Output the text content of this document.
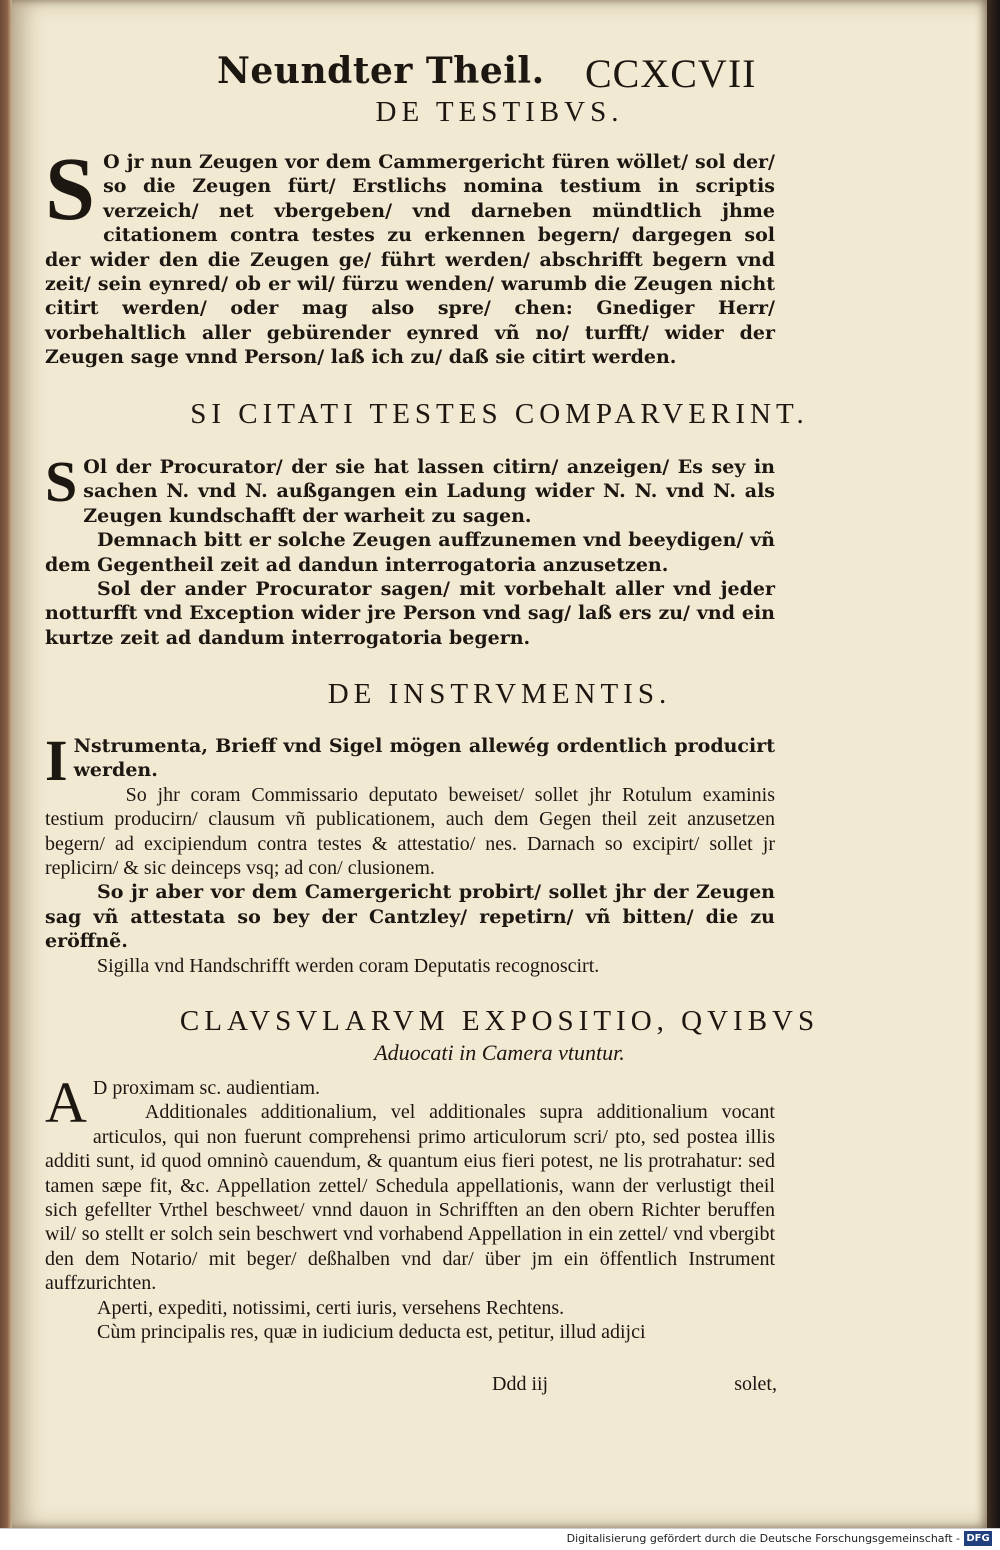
Neundter Theil. CCXCVII
DE TESTIBVS.

S O jr nun Zeugen vor dem Cammergericht füren wöllet/ sol der/ so die Zeugen fürt/ Erstlichs nomina testium in scriptis verzeich/ net vbergeben/ vnd darneben mündtlich jhme citationem contra testes zu erkennen begern/ dargegen sol der wider den die Zeugen ge/ führt werden/ abschrifft begern vnd zeit/ sein eynred/ ob er wil/ fürzu wenden/ warumb die Zeugen nicht citirt werden/ oder mag also spre/ chen: Gnediger Herr/ vorbehaltlich aller gebürender eynred vñ no/ turfft/ wider der Zeugen sage vnnd Person/ laß ich zu/ daß sie citirt werden.

SI CITATI TESTES COMPARVERINT.

S Ol der Procurator/ der sie hat lassen citirn/ anzeigen/ Es sey in sachen N. vnd N. außgangen ein Ladung wider N. N. vnd N. als Zeugen kundschafft der warheit zu sagen.

Demnach bitt er solche Zeugen auffzunemen vnd beeydigen/ vñ dem Gegentheil zeit ad dandun interrogatoria anzusetzen.

Sol der ander Procurator sagen/ mit vorbehalt aller vnd jeder notturfft vnd Exception wider jre Person vnd sag/ laß ers zu/ vnd ein kurtze zeit ad dandum interrogatoria begern.

DE INSTRVMENTIS.

I Nstrumenta, Brieff vnd Sigel mögen allewég ordentlich producirt werden.

So jhr coram Commissario deputato beweiset/ sollet jhr Rotulum examinis testium producirn/ clausum vñ publicationem, auch dem Gegen theil zeit anzusetzen begern/ ad excipiendum contra testes & attestatio/ nes. Darnach so excipirt/ sollet jr replicirn/ & sic deinceps vsq; ad con/ clusionem.

So jr aber vor dem Camergericht probirt/ sollet jhr der Zeugen sag vñ attestata so bey der Cantzley/ repetirn/ vñ bitten/ die zu eröffnẽ.

Sigilla vnd Handschrifft werden coram Deputatis recognoscirt.

CLAVSVLARVM EXPOSITIO, QVIBVS
Aduocati in Camera vtuntur.

A D proximam sc. audientiam.

Additionales additionalium, vel additionales supra additionalium vocant articulos, qui non fuerunt comprehensi primo articulorum scri/ pto, sed postea illis additi sunt, id quod omninò cauendum, & quantum eius fieri potest, ne lis protrahatur: sed tamen sæpe fit, &c. Appellation zettel/ Schedula appellationis, wann der verlustigt theil sich gefellter Vrthel beschweet/ vnnd dauon in Schrifften an den obern Richter beruffen wil/ so stellt er solch sein beschwert vnd vorhabend Appellation in ein zettel/ vnd vbergibt den dem Notario/ mit beger/ deßhalben vnd dar/ über jm ein öffentlich Instrument auffzurichten.

Aperti, expediti, notissimi, certi iuris, versehens Rechtens.

Cùm principalis res, quæ in iudicium deducta est, petitur, illud adijci

Ddd iij	solet,
Digitalisierung gefördert durch die Deutsche Forschungsgemeinschaft - DFG
